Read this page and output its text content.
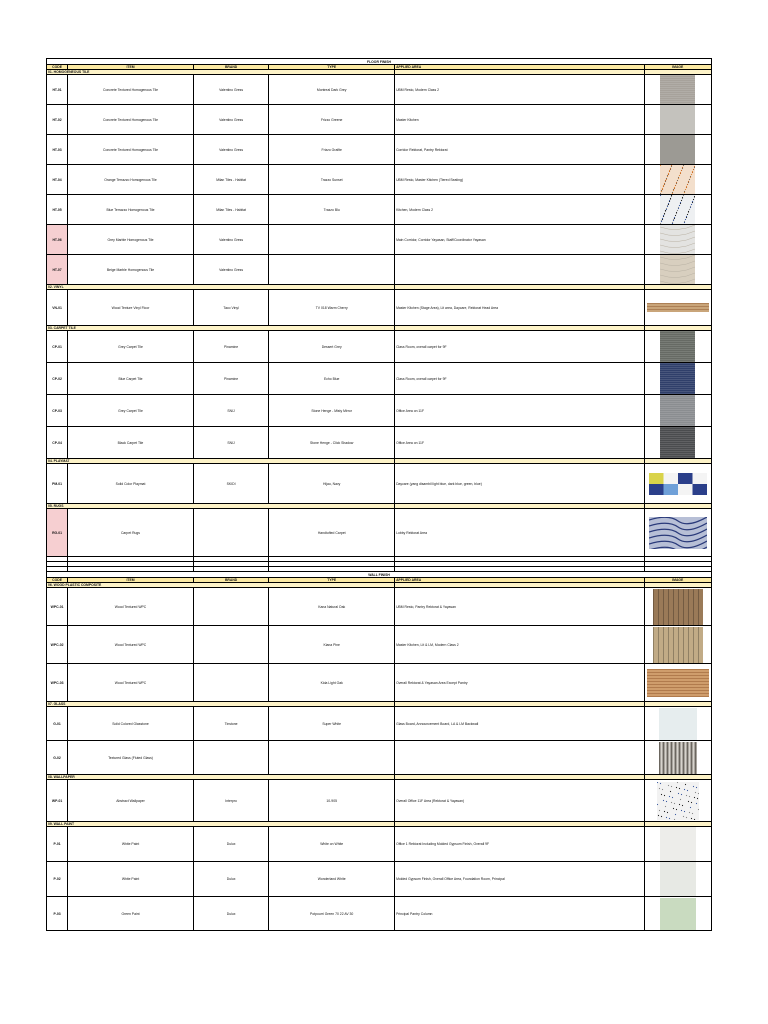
FLOOR FINISH					
CODE	ITEM	BRAND	TYPE	APPLIED AREA	IMAGE
01. HOMOGENEOUS TILE					
HT-01	Concrete Textured Homogenous Tile	Valentino Gress	Montreal Dark Grey	UBM Resto, Modern Class 2	

HT-02	Concrete Textured Homogenous Tile	Valentino Gress	Frizzo Greene	Master Kitchen	

HT-03	Concrete Textured Homogenous Tile	Valentino Gress	Frizzo Grafite	Corridor Rektorat, Pantry Rektorat	

HT-04	Orange Terrazzo Homogenous Tile	Milan Tiles - Habitat	Trazzo Sunset	UBM Resto, Master Kitchen (Tiered Seating)	

HT-05	Blue Terrazzo Homogenous Tile	Milan Tiles - Habitat	Trazzo Blu	Kitchen, Modern Class 2	

HT-06	Grey Marble Homogenous Tile	Valentino Gress		Main Corridor, Corridor Yayasan, Staff/Coordinator Yayasan	

HT-07	Beige Marble Homogenous Tile	Valentino Gress			

02. VINYL					
VN-01	Wood Texture Vinyl Floor	Taco Vinyl	TV 018 Warm Cherry	Master Kitchen (Stage Area), Lit area, Daycare, Rektorat Head Area	

03. CARPET TILE					
CP-01	Grey Carpet Tile	Pinamine	Dessert Grey	Class Room, overall carpet for 9F	

CP-02	Blue Carpet Tile	Pinamine	Echo Blue	Class Room, overall carpet for 9F	

CP-03	Grey Carpet Tile	SNIJ	Stone Henge - Misty Mirror	Office Area on 11F	

CP-04	Black Carpet Tile	SNIJ	Stone Henge - Click Shadow	Office Area on 11F	

04. PLAYMAT					
PM-01	Solid Color Playmat	SKIDI	Hijau, Navy	Daycare (yang disambil light blue, dark blue, green, blue)	

05. RUGS					
RG-01	Carpet Rugs		Handtufted Carpet	Lobby Rektorat Area	

WALL FINISH					
CODE	ITEM	BRAND	TYPE	APPLIED AREA	IMAGE
06. WOOD PLASTIC COMPOSITE					
WPC-01	Wood Textured WPC		Kana Natural Oak	UBM Resto, Pantry Rektorat & Yayasan	

WPC-02	Wood Textured WPC		Kiana Pine	Master Kitchen, Lit & LM, Modern Class 2	

WPC-03	Wood Textured WPC		Kida Light Oak	Overall Rektorat & Yayasan Area Except Pantry	

07. GLASS					
G-01	Solid Colored Glasstone	Tinstone	Super White	Glass Board, Announcement Board, LA & LM Backwall	

G-02	Textured Glass (Fluted Glass)				

08. WALLPAPER					
WP-01	Abstract Wallpaper	Interpro	10-905	Overall Office 11F Area (Rektorat & Yayasan)	

09. WALL PAINT					
P-01	White Paint	Dulux	White on White	Office 1 Rektorat Including Molded Gypsum Finish, Overall 9F	

P-02	White Paint	Dulux	Wonderland White	Molded Gypsum Finish, Overall Office Area, Foundation Room, Principal	

P-03	Green Paint	Dulux	Potpourri Green 70 22 AV 30	Principal Pantry Column	
